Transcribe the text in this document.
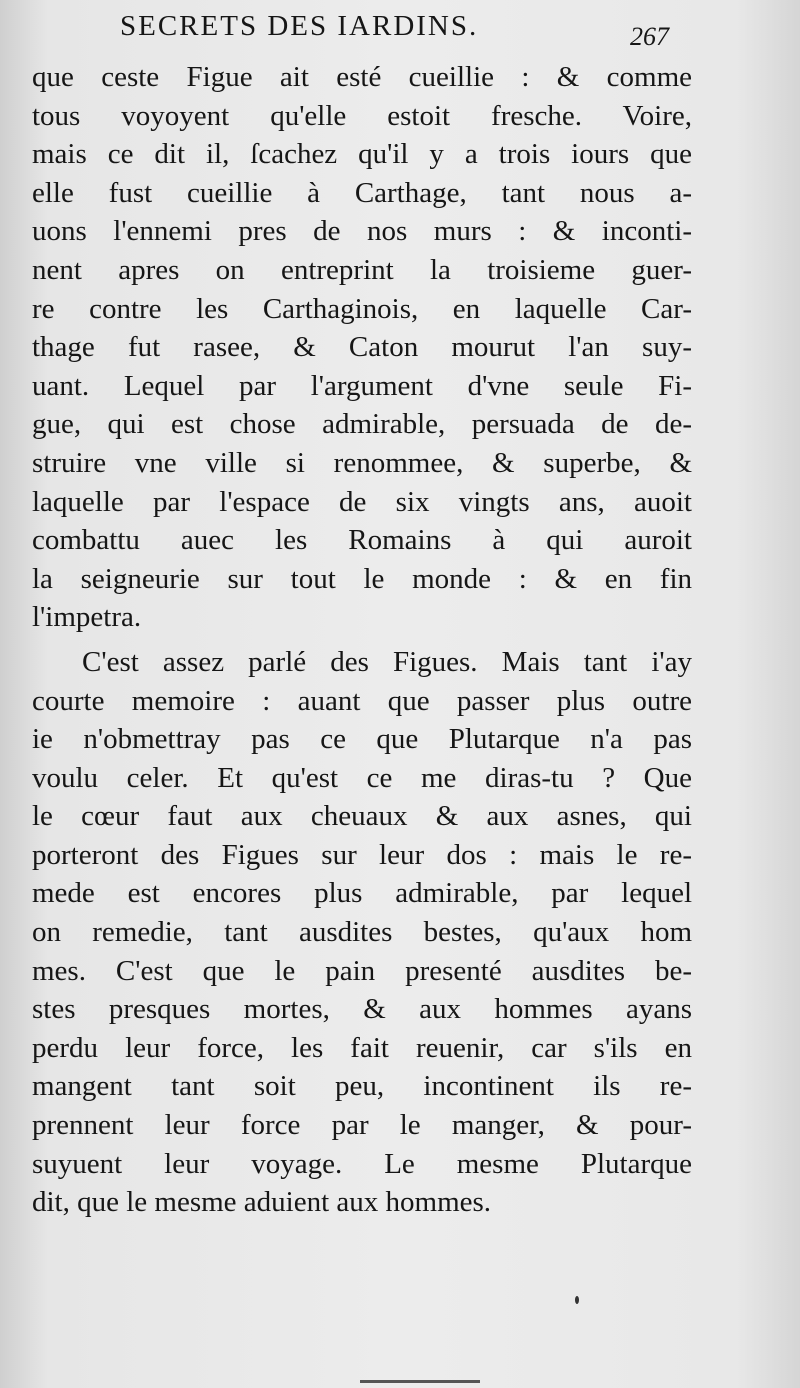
SECRETS DES IARDINS.	267
que ceste Figue ait esté cueillie : & comme
tous voyoyent qu'elle estoit fresche. Voire,
mais ce dit il, ſcachez qu'il y a trois iours que
elle fust cueillie à Carthage, tant nous a-
uons l'ennemi pres de nos murs : & inconti-
nent apres on entreprint la troisieme guer-
re contre les Carthaginois, en laquelle Car-
thage fut rasee, & Caton mourut l'an suy-
uant. Lequel par l'argument d'vne seule Fi-
gue, qui est chose admirable, persuada de de-
struire vne ville si renommee, & superbe, &
laquelle par l'espace de six vingts ans, auoit
combattu auec les Romains à qui auroit
la seigneurie sur tout le monde : & en fin
l'impetra.
C'est assez parlé des Figues. Mais tant i'ay
courte memoire : auant que passer plus outre
ie n'obmettray pas ce que Plutarque n'a pas
voulu celer. Et qu'est ce me diras-tu ? Que
le cœur faut aux cheuaux & aux asnes, qui
porteront des Figues sur leur dos : mais le re-
mede est encores plus admirable, par lequel
on remedie, tant ausdites bestes, qu'aux hom
mes. C'est que le pain presenté ausdites be-
stes presques mortes, & aux hommes ayans
perdu leur force, les fait reuenir, car s'ils en
mangent tant soit peu, incontinent ils re-
prennent leur force par le manger, & pour-
suyuent leur voyage. Le mesme Plutarque
dit, que le mesme aduient aux hommes.
